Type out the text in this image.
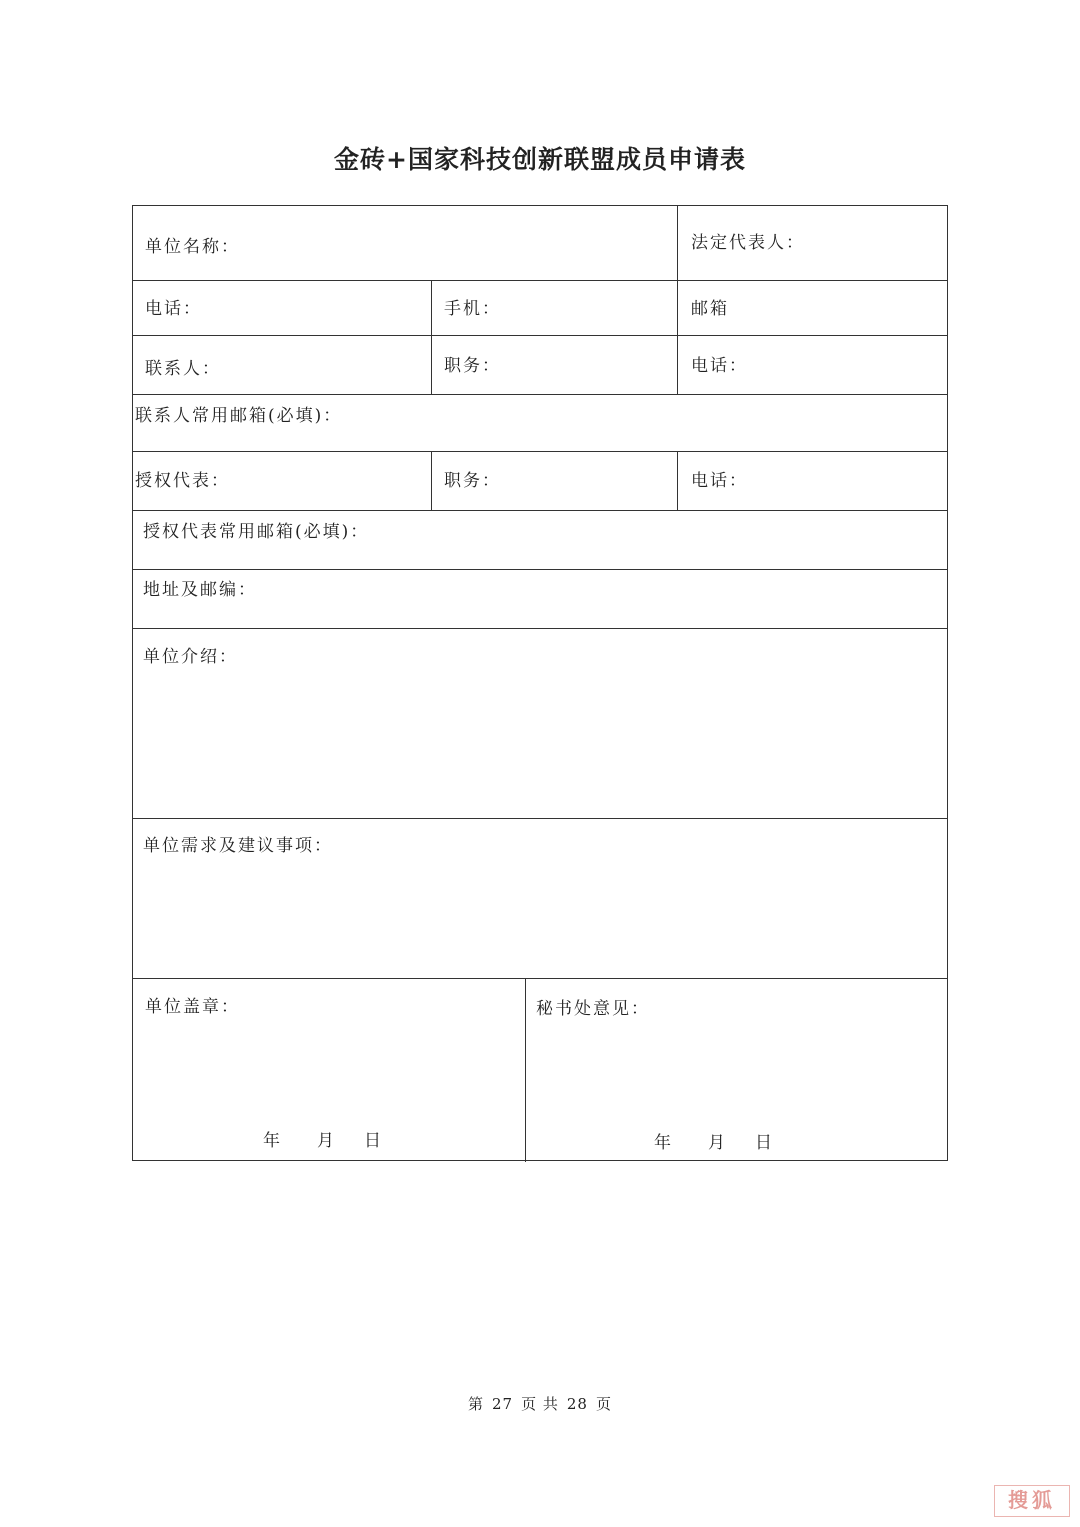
金砖+国家科技创新联盟成员申请表
单位名称：	法定代表人：
电话：	手机：	邮箱
联系人：	职务：	电话：
联系人常用邮箱(必填)：
授权代表：	职务：	电话：
授权代表常用邮箱(必填)：
地址及邮编：
单位介绍：
单位需求及建议事项：
单位盖章：
年 月 日
秘书处意见：
年 月 日
第 27 页 共 28 页
搜狐
